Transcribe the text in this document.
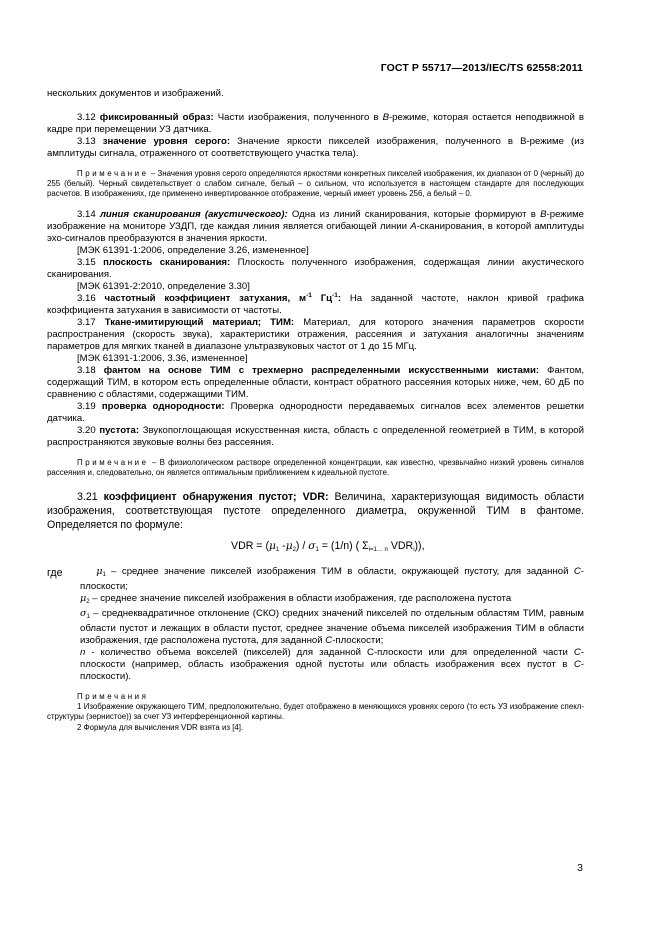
ГОСТ Р 55717—2013/IEC/TS 62558:2011

нескольких документов и изображений.

3.12 фиксированный образ: Части изображения, полученного в B-режиме, которая остается неподвижной в кадре при перемещении УЗ датчика.

3.13 значение уровня серого: Значение яркости пикселей изображения, полученного в B-режиме (из амплитуды сигнала, отраженного от соответствующего участка тела).

Примечание – Значения уровня серого определяются яркостями конкретных пикселей изображения, их диапазон от 0 (черный) до 255 (белый). Черный свидетельствует о слабом сигнале, белый – о сильном, что используется в настоящем стандарте для последующих расчетов. В изображениях, где применено инвертированное отображение, черный имеет уровень 256, а белый – 0.

3.14 линия сканирования (акустического): Одна из линий сканирования, которые формируют в B-режиме изображение на мониторе УЗДП, где каждая линия является огибающей линии A-сканирования, в которой амплитуды эхо-сигналов преобразуются в значения яркости.

[МЭК 61391-1:2006, определение 3.26, измененное]

3.15 плоскость сканирования: Плоскость полученного изображения, содержащая линии акустического сканирования.

[МЭК 61391-2:2010, определение 3.30]

3.16 частотный коэффициент затухания, $м^{-1}$ $Гц^{-1}$: На заданной частоте, наклон кривой графика коэффициента затухания в зависимости от частоты.

3.17 Ткане-имитирующий материал; ТИМ: Материал, для которого значения параметров скорости распространения (скорость звука), характеристики отражения, рассеяния и затухания аналогичны значениям параметров для мягких тканей в диапазоне ультразвуковых частот от 1 до 15 МГц.

[МЭК 61391-1:2006, 3.36, измененное]

3.18 фантом на основе ТИМ с трехмерно распределенными искусственными кистами: Фантом, содержащий ТИМ, в котором есть определенные области, контраст обратного рассеяния которых ниже, чем, 60 дБ по сравнению с областями, содержащими ТИМ.

3.19 проверка однородности: Проверка однородности передаваемых сигналов всех элементов решетки датчика.

3.20 пустота: Звукопоглощающая искусственная киста, область с определенной геометрией в ТИМ, в которой распространяются звуковые волны без рассеяния.

Примечание – В физиологическом растворе определенной концентрации, как известно, чрезвычайно низкий уровень сигналов рассеяния и, следовательно, он является оптимальным приближением к идеальной пустоте.

3.21 коэффициент обнаружения пустот; VDR: Величина, характеризующая видимость области изображения, соответствующая пустоте определенного диаметра, окруженной ТИМ в фантоме. Определяется по формуле:

VDR = ($\mu_1$ $-\mu_2) / \sigma_1 = (1/n)$ ( $\Sigma_{i=1\dots n}$ $VDR_i$)),
где	$\mu_1$ – среднее значение пикселей изображения ТИМ в области, окружающей пустоту, для заданной C-плоскости;

$\mu_2$ – среднее значение пикселей изображения в области изображения, где расположена пустота

$\sigma_1$ – среднеквадратичное отклонение (СКО) средних значений пикселей по отдельным областям ТИМ, равным области пустот и лежащих в области пустот, среднее значение объема пикселей изображения ТИМ в области изображения, где расположена пустота, для заданной C-плоскости;

n - количество объема вокселей (пикселей) для заданной С-плоскости или для определенной части C-плоскости (например, область изображения одной пустоты или область изображения всех пустот в C-плоскости).

Примечания

1 Изображение окружающего ТИМ, предположительно, будет отображено в меняющихся уровнях серого (то есть УЗ изображение спекл-структуры (зернистое)) за счет УЗ интерференционной картины.

2 Формула для вычисления VDR взята из [4].

3
